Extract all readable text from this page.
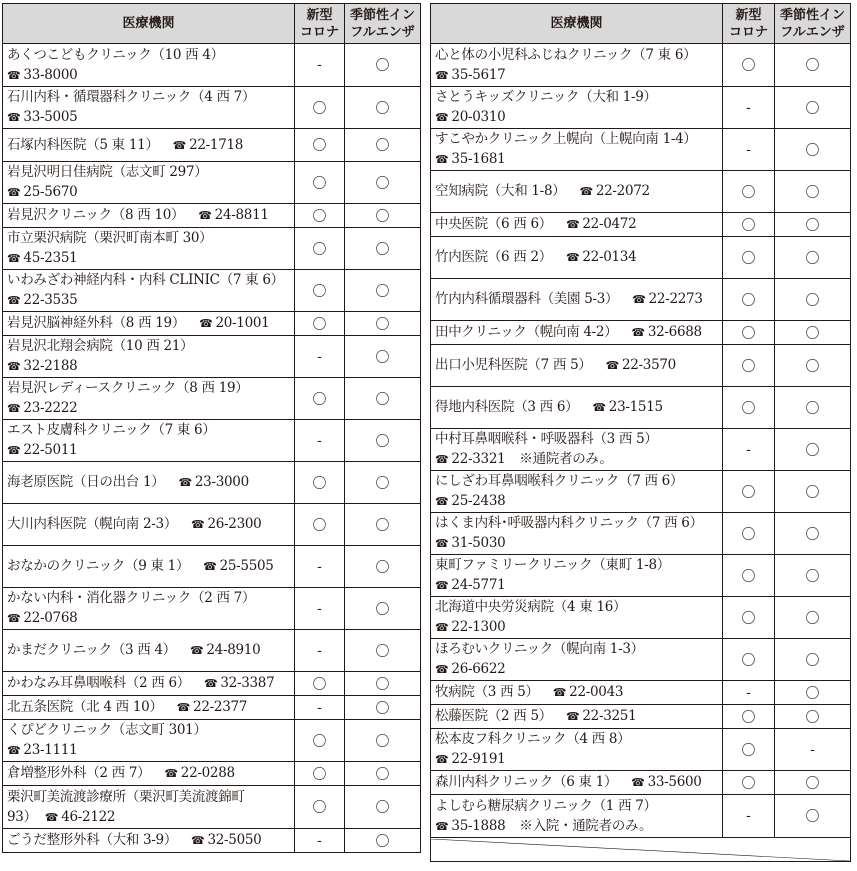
医療機関	新型
コロナ	季節性イン
フルエンザ
あくつこどもクリニック（10 西 4）
☎ 33-8000	-	〇
石川内科・循環器科クリニック（4 西 7）
☎ 33-5005	〇	〇
石塚内科医院（5 東 11） ☎ 22-1718	〇	〇
岩見沢明日佳病院（志文町 297）
☎ 25-5670	〇	〇
岩見沢クリニック（8 西 10） ☎ 24-8811	〇	〇
市立栗沢病院（栗沢町南本町 30）
☎ 45-2351	〇	〇
いわみざわ神経内科・内科 CLINIC（7 東 6）
☎ 22-3535	〇	〇
岩見沢脳神経外科（8 西 19） ☎ 20-1001	〇	〇
岩見沢北翔会病院（10 西 21）
☎ 32-2188	-	〇
岩見沢レディースクリニック（8 西 19）
☎ 23-2222	〇	〇
エスト皮膚科クリニック（7 東 6）
☎ 22-5011	-	〇
海老原医院（日の出台 1） ☎ 23-3000	〇	〇
大川内科医院（幌向南 2-3） ☎ 26-2300	〇	〇
おなかのクリニック（9 東 1） ☎ 25-5505	-	〇
かない内科・消化器クリニック（2 西 7）
☎ 22-0768	-	〇
かまだクリニック（3 西 4） ☎ 24-8910	-	〇
かわなみ耳鼻咽喉科（2 西 6） ☎ 32-3387	〇	〇
北五条医院（北 4 西 10） ☎ 22-2377	-	〇
くぴどクリニック（志文町 301）
☎ 23-1111	〇	〇
倉増整形外科（2 西 7） ☎ 22-0288	〇	〇
栗沢町美流渡診療所（栗沢町美流渡錦町
93） ☎ 46-2122	〇	〇
ごうだ整形外科（大和 3-9） ☎ 32-5050	-	〇
医療機関	新型
コロナ	季節性イン
フルエンザ
心と体の小児科ふじねクリニック（7 東 6）
☎ 35-5617	〇	〇
さとうキッズクリニック（大和 1-9）
☎ 20-0310	-	〇
すこやかクリニック上幌向（上幌向南 1-4）
☎ 35-1681	-	〇
空知病院（大和 1-8） ☎ 22-2072	〇	〇
中央医院（6 西 6） ☎ 22-0472	〇	〇
竹内医院（6 西 2） ☎ 22-0134	〇	〇
竹内内科循環器科（美園 5-3） ☎ 22-2273	〇	〇
田中クリニック（幌向南 4-2） ☎ 32-6688	〇	〇
出口小児科医院（7 西 5） ☎ 22-3570	〇	〇
得地内科医院（3 西 6） ☎ 23-1515	〇	〇
中村耳鼻咽喉科・呼吸器科（3 西 5）
☎ 22-3321 ※通院者のみ。	-	〇
にしざわ耳鼻咽喉科クリニック（7 西 6）
☎ 25-2438	〇	〇
はくま内科･呼吸器内科クリニック（7 西 6）
☎ 31-5030	〇	〇
東町ファミリークリニック（東町 1-8）
☎ 24-5771	〇	〇
北海道中央労災病院（4 東 16）
☎ 22-1300	〇	〇
ほろむいクリニック（幌向南 1-3）
☎ 26-6622	〇	〇
牧病院（3 西 5） ☎ 22-0043	-	〇
松藤医院（2 西 5） ☎ 22-3251	〇	〇
松本皮フ科クリニック（4 西 8）
☎ 22-9191	〇	-
森川内科クリニック（6 東 1） ☎ 33-5600	〇	〇
よしむら糖尿病クリニック（1 西 7）
☎ 35-1888 ※入院・通院者のみ。	-	〇
